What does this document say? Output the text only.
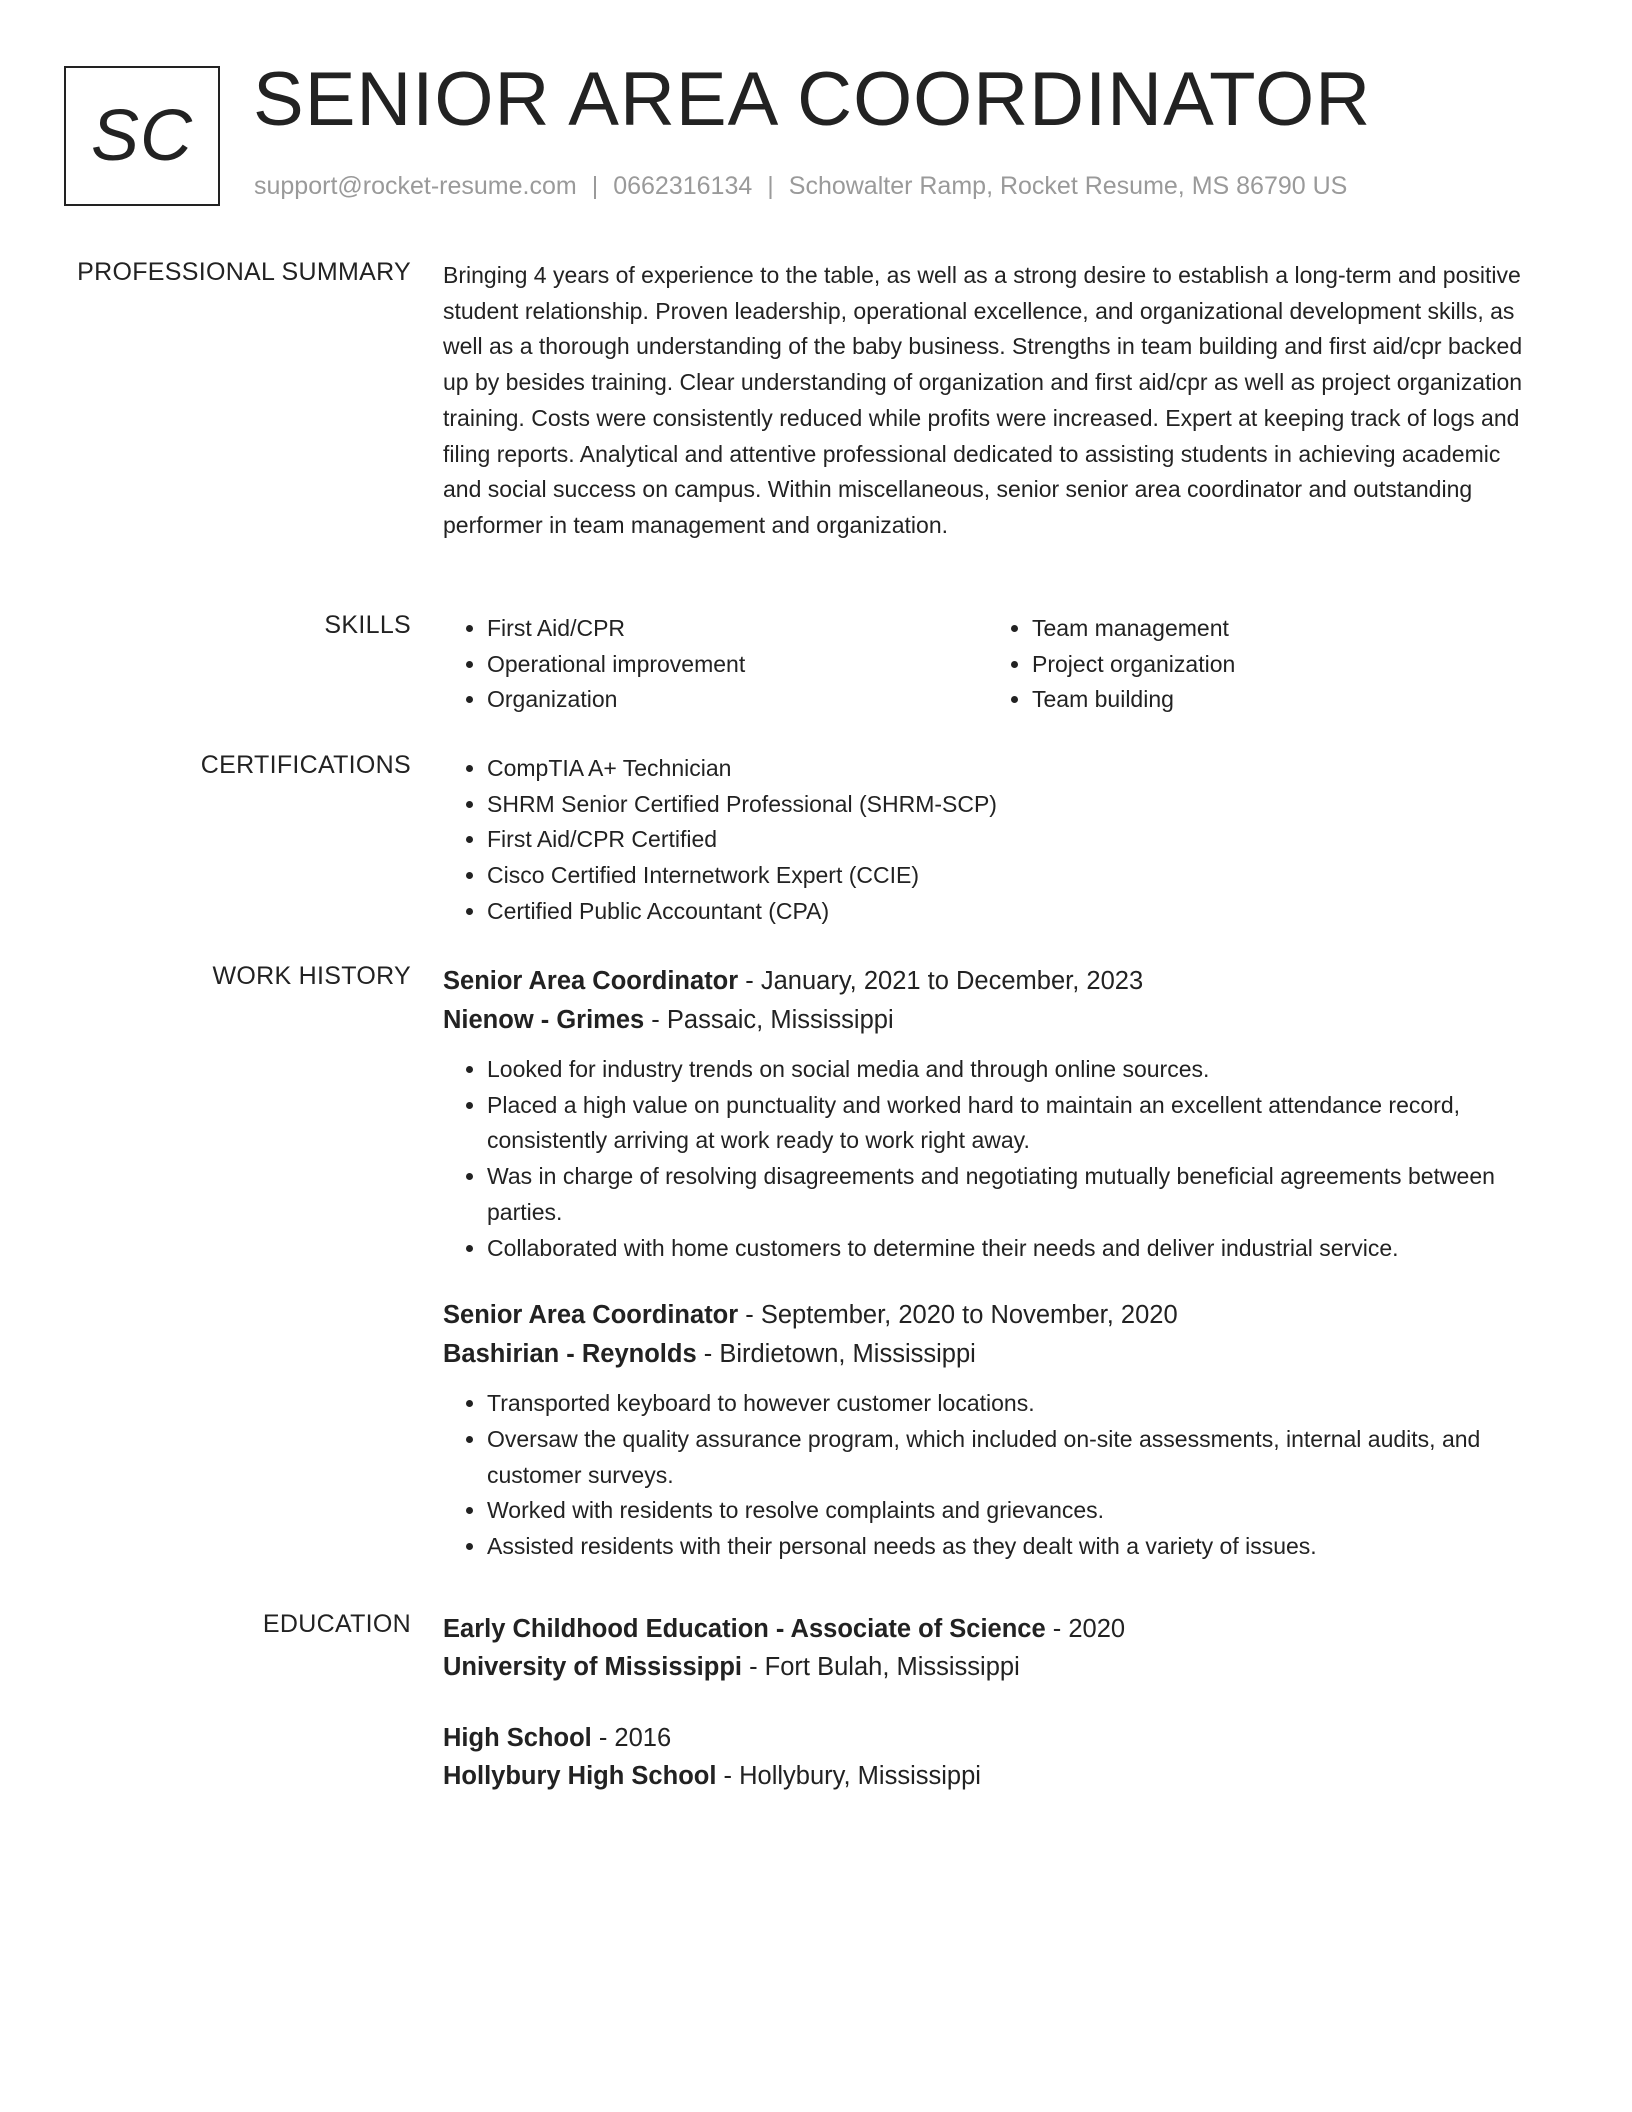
SC SENIOR AREA COORDINATOR
support@rocket-resume.com | 0662316134 | Schowalter Ramp, Rocket Resume, MS 86790 US
PROFESSIONAL SUMMARY Bringing 4 years of experience to the table, as well as a strong desire to establish a long-term and positive student relationship. Proven leadership, operational excellence, and organizational development skills, as well as a thorough understanding of the baby business. Strengths in team building and first aid/cpr backed up by besides training. Clear understanding of organization and first aid/cpr as well as project organization training. Costs were consistently reduced while profits were increased. Expert at keeping track of logs and filing reports. Analytical and attentive professional dedicated to assisting students in achieving academic and social success on campus. Within miscellaneous, senior senior area coordinator and outstanding performer in team management and organization.

SKILLS	• First Aid/CPR
• Operational improvement
• Organization
• Team management
• Project organization
• Team building
CERTIFICATIONS	• CompTIA A+ Technician
• SHRM Senior Certified Professional (SHRM-SCP)
• First Aid/CPR Certified
• Cisco Certified Internetwork Expert (CCIE)
• Certified Public Accountant (CPA)
WORK HISTORY Senior Area Coordinator - January, 2021 to December, 2023
Nienow - Grimes - Passaic, Mississippi
• Looked for industry trends on social media and through online sources.
• Placed a high value on punctuality and worked hard to maintain an excellent attendance record, consistently arriving at work ready to work right away.
• Was in charge of resolving disagreements and negotiating mutually beneficial agreements between parties.
• Collaborated with home customers to determine their needs and deliver industrial service.
Senior Area Coordinator - September, 2020 to November, 2020
Bashirian - Reynolds - Birdietown, Mississippi
• Transported keyboard to however customer locations.
• Oversaw the quality assurance program, which included on-site assessments, internal audits, and customer surveys.
• Worked with residents to resolve complaints and grievances.
• Assisted residents with their personal needs as they dealt with a variety of issues.
EDUCATION Early Childhood Education - Associate of Science - 2020
University of Mississippi - Fort Bulah, Mississippi
High School - 2016
Hollybury High School - Hollybury, Mississippi
